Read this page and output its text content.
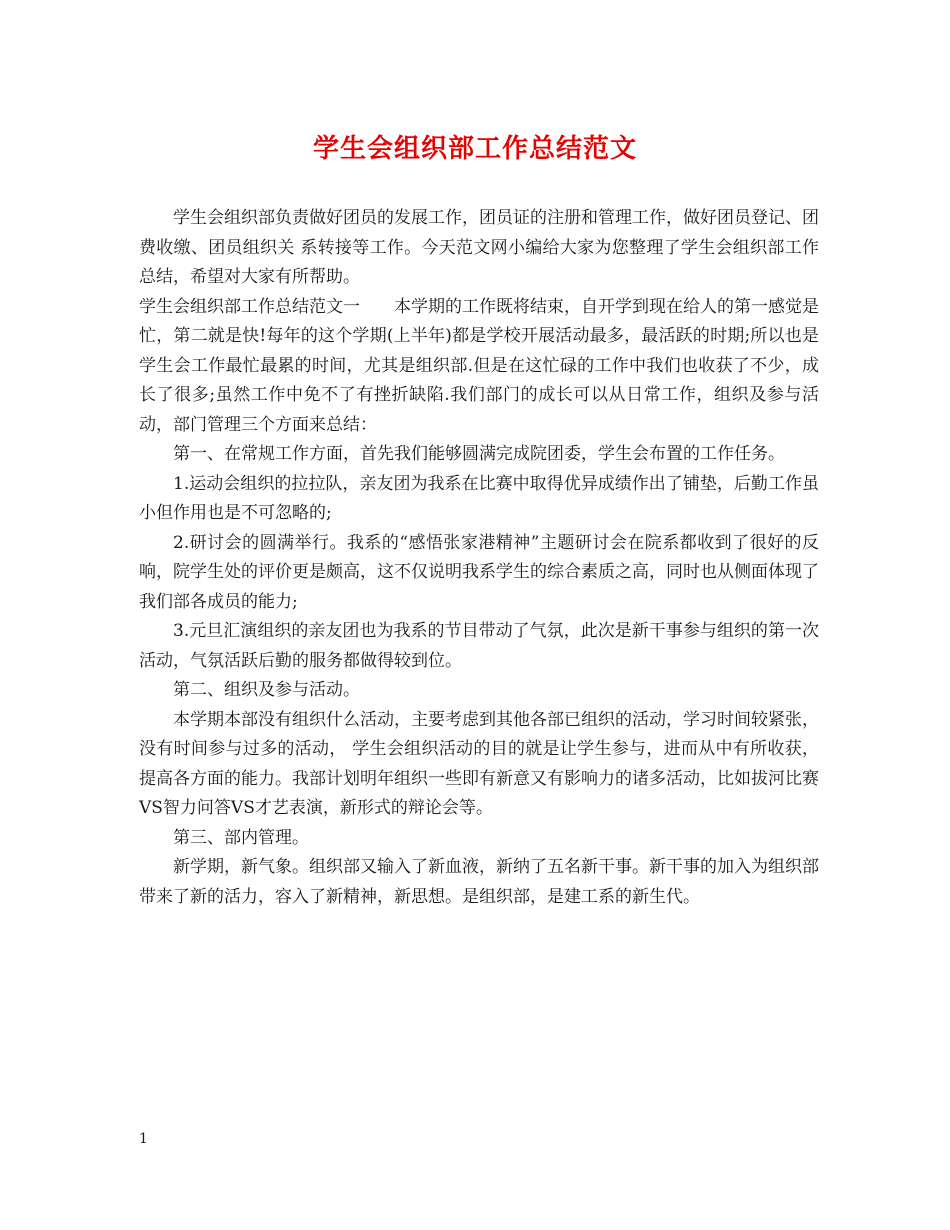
学生会组织部工作总结范文

学生会组织部负责做好团员的发展工作，团员证的注册和管理工作，做好团员登记、团费收缴、团员组织关 系转接等工作。今天范文网小编给大家为您整理了学生会组织部工作总结，希望对大家有所帮助。

学生会组织部工作总结范文一　　本学期的工作既将结束，自开学到现在给人的第一感觉是忙，第二就是快!每年的这个学期(上半年)都是学校开展活动最多，最活跃的时期;所以也是学生会工作最忙最累的时间，尤其是组织部.但是在这忙碌的工作中我们也收获了不少，成长了很多;虽然工作中免不了有挫折缺陷.我们部门的成长可以从日常工作，组织及参与活动，部门管理三个方面来总结：

第一、在常规工作方面，首先我们能够圆满完成院团委，学生会布置的工作任务。

1.运动会组织的拉拉队，亲友团为我系在比赛中取得优异成绩作出了铺垫，后勤工作虽小但作用也是不可忽略的;

2.研讨会的圆满举行。我系的“感悟张家港精神”主题研讨会在院系都收到了很好的反响，院学生处的评价更是颇高，这不仅说明我系学生的综合素质之高，同时也从侧面体现了我们部各成员的能力;

3.元旦汇演组织的亲友团也为我系的节目带动了气氛，此次是新干事参与组织的第一次活动，气氛活跃后勤的服务都做得较到位。

第二、组织及参与活动。

本学期本部没有组织什么活动，主要考虑到其他各部已组织的活动，学习时间较紧张，没有时间参与过多的活动， 学生会组织活动的目的就是让学生参与，进而从中有所收获，提高各方面的能力。我部计划明年组织一些即有新意又有影响力的诸多活动，比如拔河比赛VS智力问答VS才艺表演，新形式的辩论会等。

第三、部内管理。

新学期，新气象。组织部又输入了新血液，新纳了五名新干事。新干事的加入为组织部带来了新的活力，容入了新精神，新思想。是组织部，是建工系的新生代。

1
